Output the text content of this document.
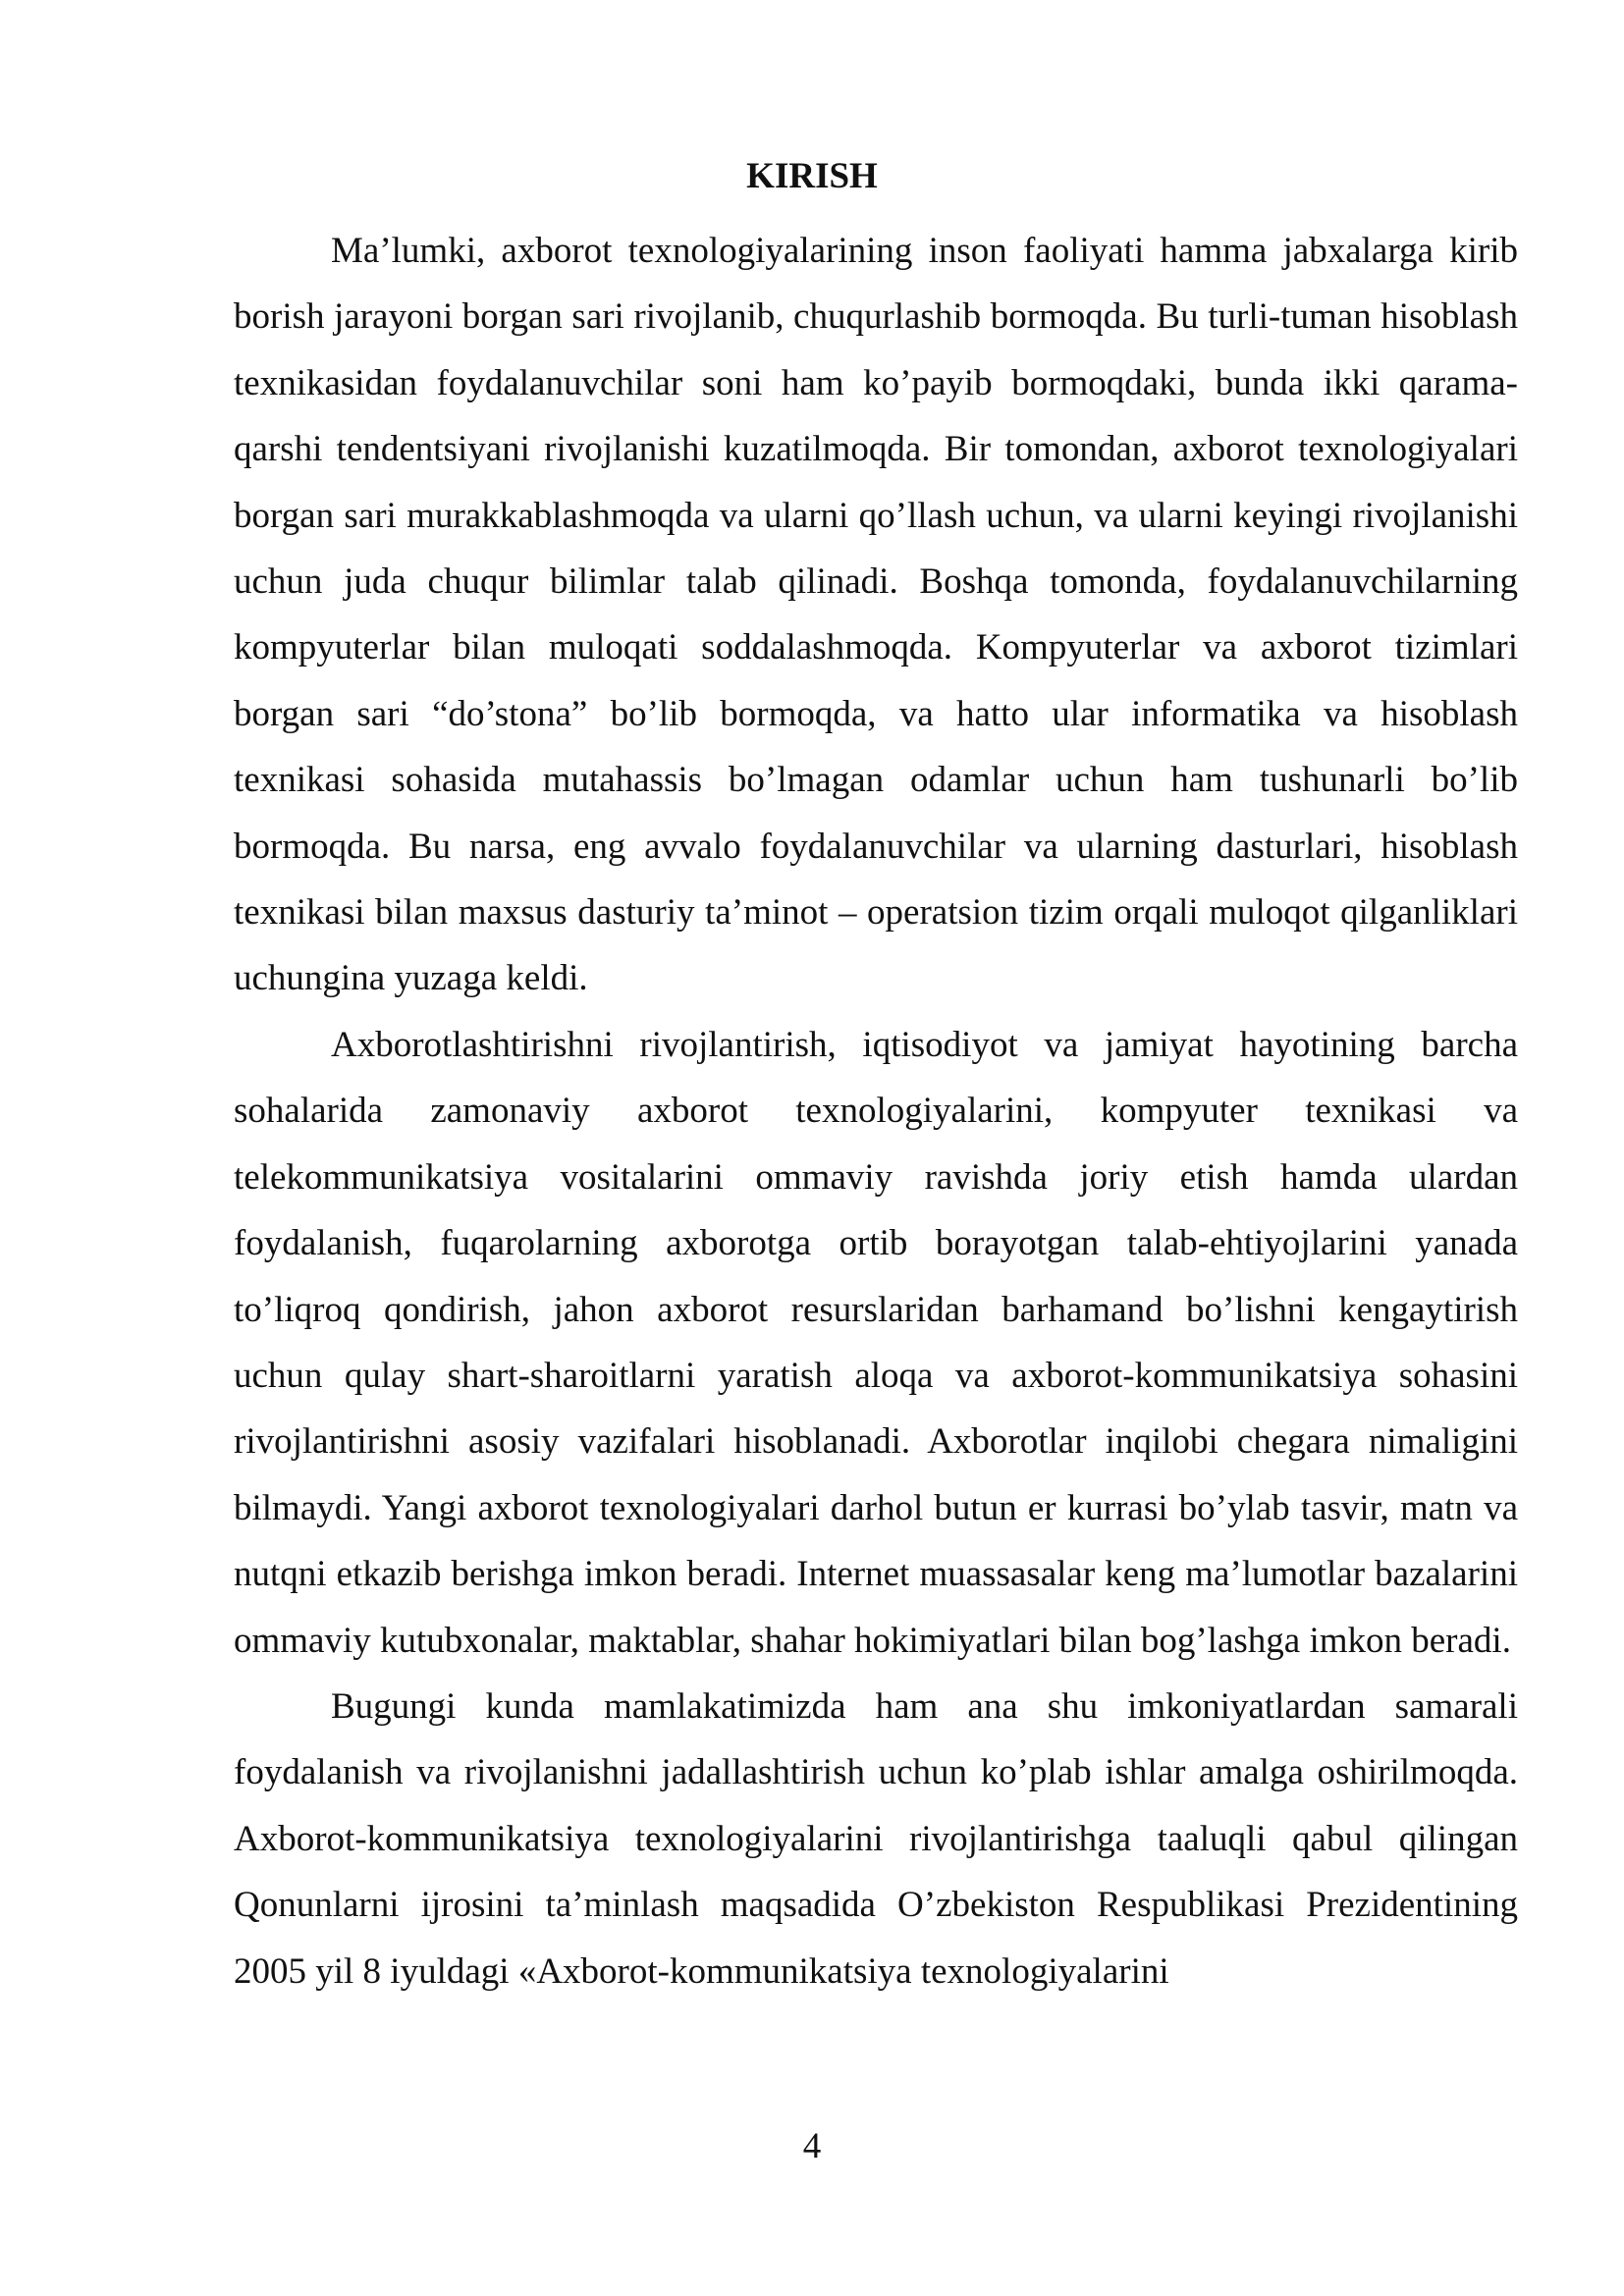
KIRISH

Ma’lumki, axborot texnologiyalarining inson faoliyati hamma jabxalarga kirib borish jarayoni borgan sari rivojlanib, chuqurlashib bormoqda. Bu turli-tuman hisoblash texnikasidan foydalanuvchilar soni ham ko’payib bormoqdaki, bunda ikki qarama-qarshi tendentsiyani rivojlanishi kuzatilmoqda. Bir tomondan, axborot texnologiyalari borgan sari murakkablashmoqda va ularni qo’llash uchun, va ularni keyingi rivojlanishi uchun juda chuqur bilimlar talab qilinadi. Boshqa tomonda, foydalanuvchilarning kompyuterlar bilan muloqati soddalashmoqda. Kompyuterlar va axborot tizimlari borgan sari “do’stona” bo’lib bormoqda, va hatto ular informatika va hisoblash texnikasi sohasida mutahassis bo’lmagan odamlar uchun ham tushunarli bo’lib bormoqda. Bu narsa, eng avvalo foydalanuvchilar va ularning dasturlari, hisoblash texnikasi bilan maxsus dasturiy ta’minot – operatsion tizim orqali muloqot qilganliklari uchungina yuzaga keldi.

Axborotlashtirishni rivojlantirish, iqtisodiyot va jamiyat hayotining barcha sohalarida zamonaviy axborot texnologiyalarini, kompyuter texnikasi va telekommunikatsiya vositalarini ommaviy ravishda joriy etish hamda ulardan foydalanish, fuqarolarning axborotga ortib borayotgan talab-ehtiyojlarini yanada to’liqroq qondirish, jahon axborot resurslaridan barhamand bo’lishni kengaytirish uchun qulay shart-sharoitlarni yaratish aloqa va axborot-kommunikatsiya sohasini rivojlantirishni asosiy vazifalari hisoblanadi. Axborotlar inqilobi chegara nimaligini bilmaydi. Yangi axborot texnologiyalari darhol butun er kurrasi bo’ylab tasvir, matn va nutqni etkazib berishga imkon beradi. Internet muassasalar keng ma’lumotlar bazalarini ommaviy kutubxonalar, maktablar, shahar hokimiyatlari bilan bog’lashga imkon beradi.

Bugungi kunda mamlakatimizda ham ana shu imkoniyatlardan samarali foydalanish va rivojlanishni jadallashtirish uchun ko’plab ishlar amalga oshirilmoqda. Axborot-kommunikatsiya texnologiyalarini rivojlantirishga taaluqli qabul qilingan Qonunlarni ijrosini ta’minlash maqsadida O’zbekiston Respublikasi Prezidentining 2005 yil 8 iyuldagi «Axborot-kommunikatsiya texnologiyalarini

4
